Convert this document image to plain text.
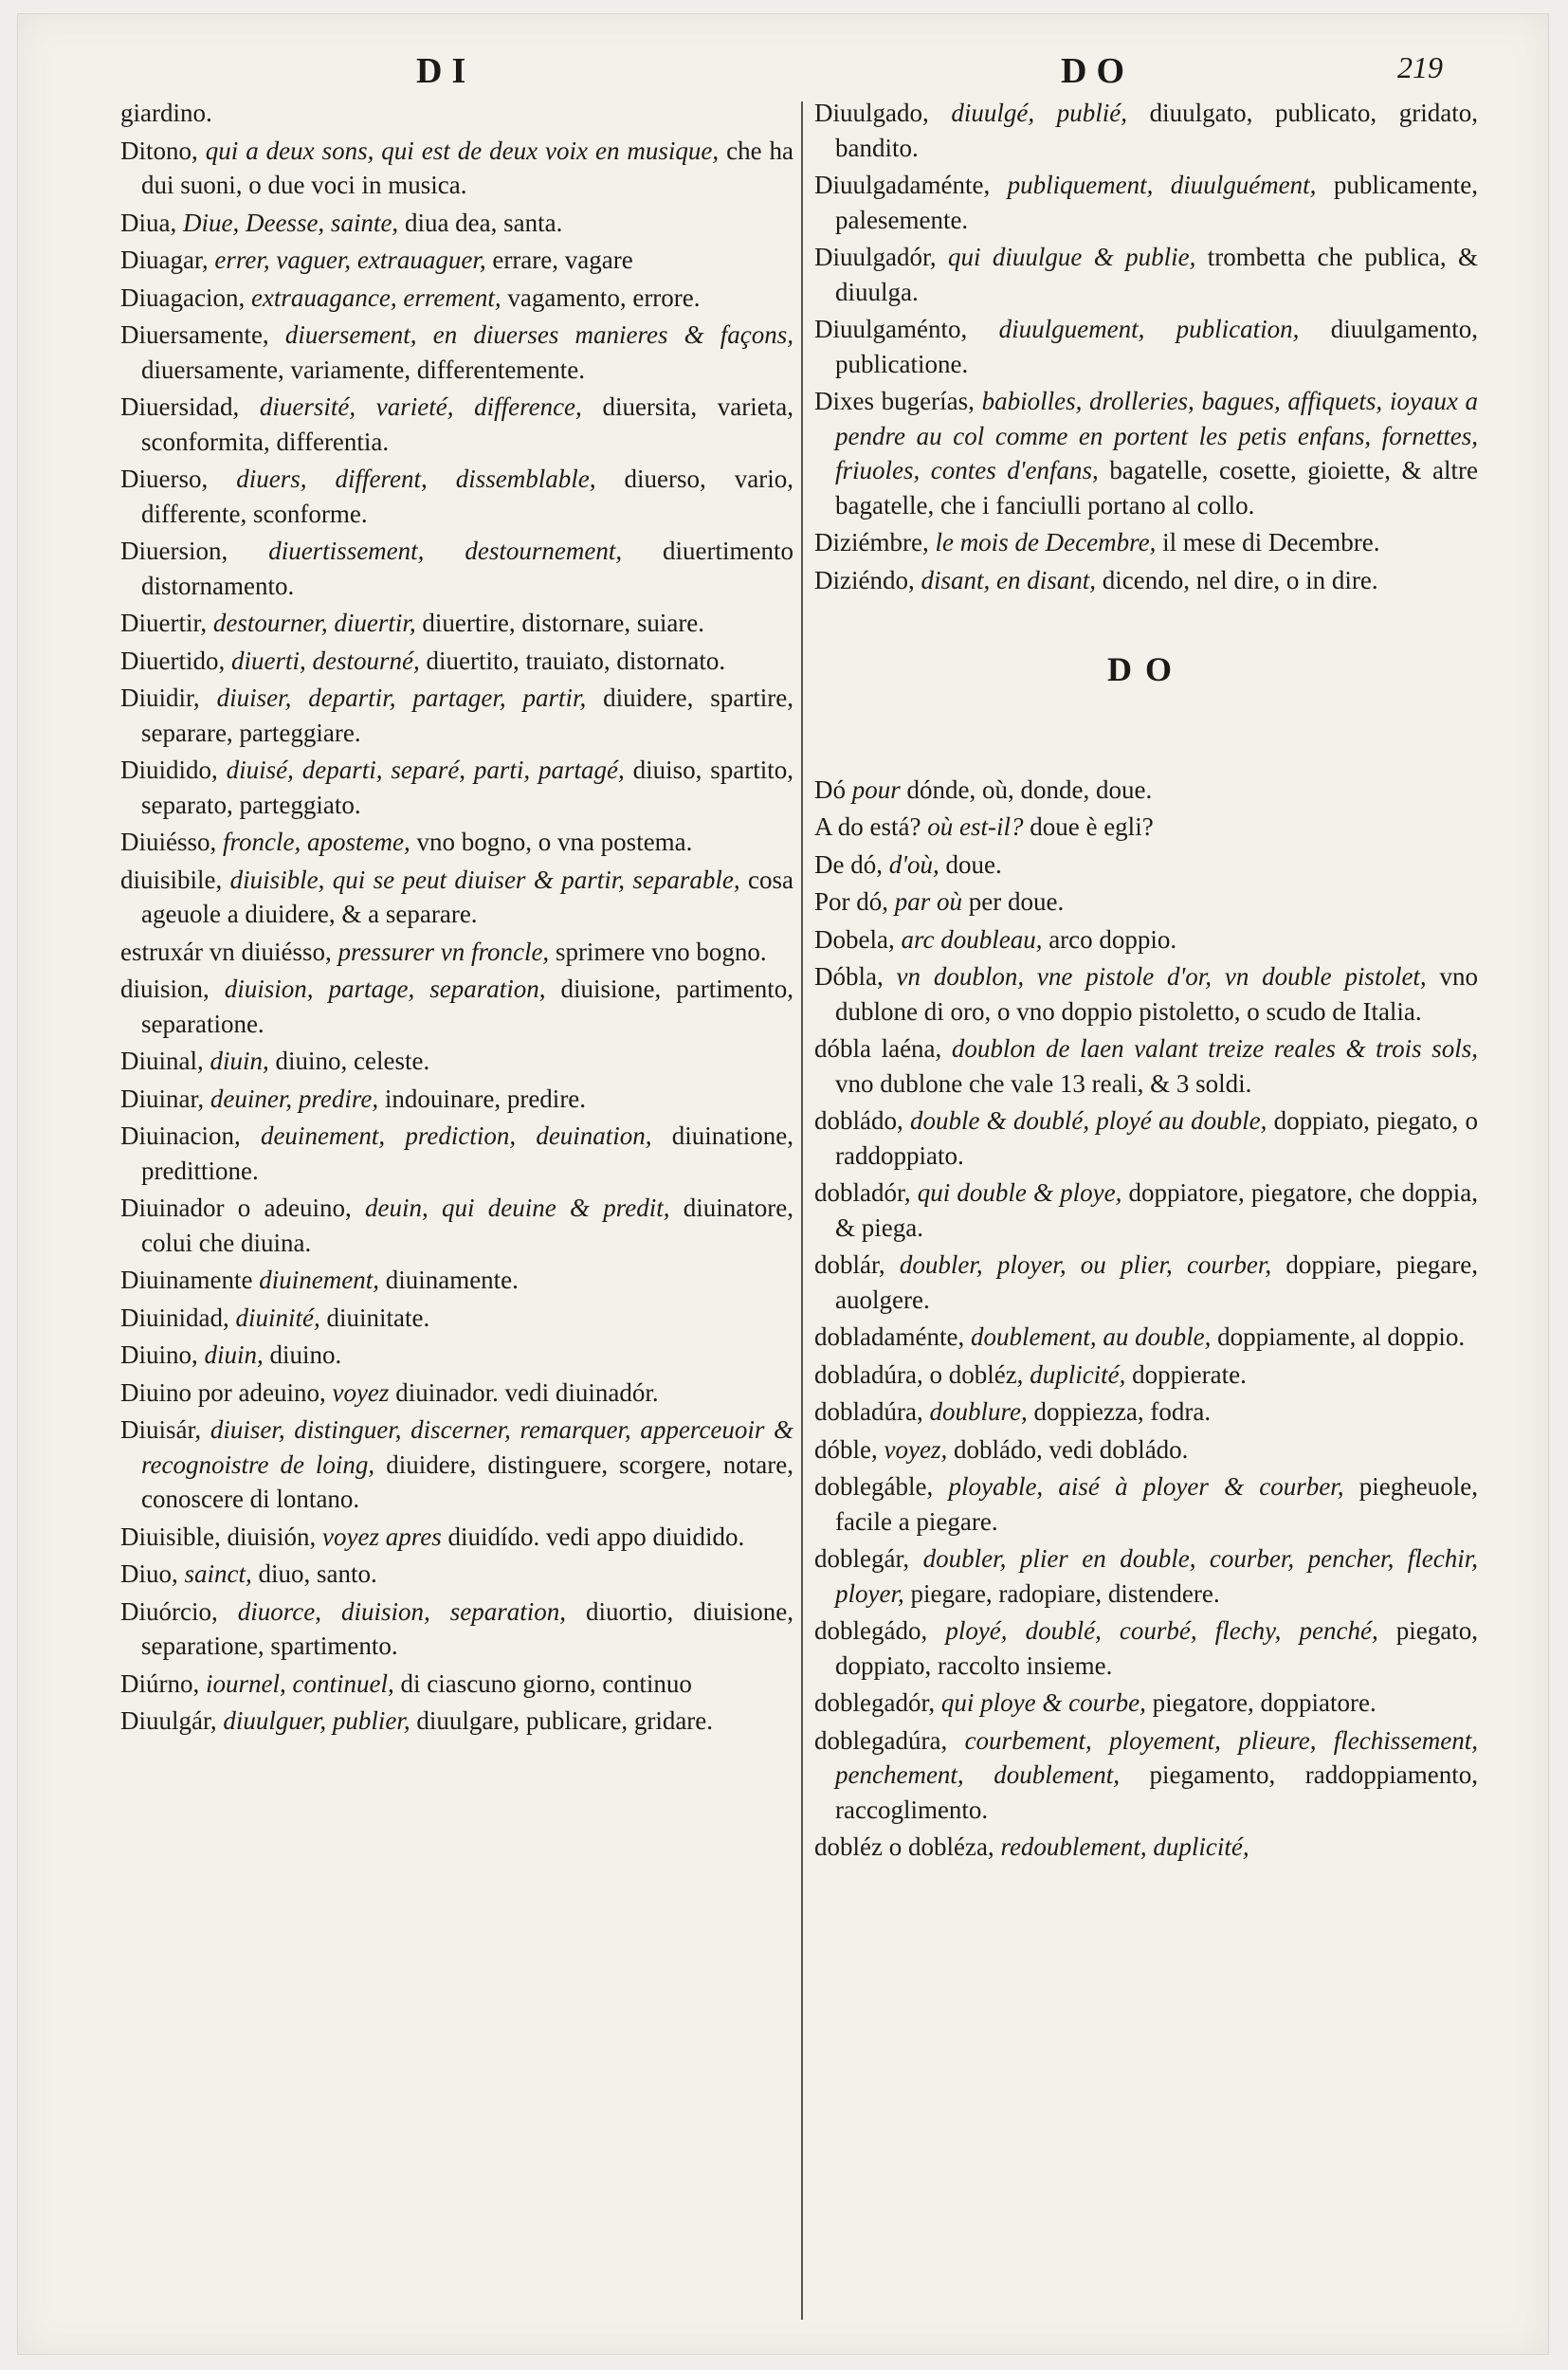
DI	DO	219

giardino.

Ditono, qui a deux sons, qui est de deux voix en musique, che ha dui suoni, o due voci in musica.

Diua, Diue, Deesse, sainte, diua dea, santa.

Diuagar, errer, vaguer, extrauaguer, errare, vagare

Diuagacion, extrauagance, errement, vagamento, errore.

Diuersamente, diuersement, en diuerses manieres & façons, diuersamente, variamente, differentemente.

Diuersidad, diuersité, varieté, difference, diuersita, varieta, sconformita, differentia.

Diuerso, diuers, different, dissemblable, diuerso, vario, differente, sconforme.

Diuersion, diuertissement, destournement, diuertimento distornamento.

Diuertir, destourner, diuertir, diuertire, distornare, suiare.

Diuertido, diuerti, destourné, diuertito, trauiato, distornato.

Diuidir, diuiser, departir, partager, partir, diuidere, spartire, separare, parteggiare.

Diuidido, diuisé, departi, separé, parti, partagé, diuiso, spartito, separato, parteggiato.

Diuiésso, froncle, aposteme, vno bogno, o vna postema.

diuisibile, diuisible, qui se peut diuiser & partir, separable, cosa ageuole a diuidere, & a separare.

estruxár vn diuiésso, pressurer vn froncle, sprimere vno bogno.

diuision, diuision, partage, separation, diuisione, partimento, separatione.

Diuinal, diuin, diuino, celeste.

Diuinar, deuiner, predire, indouinare, predire.

Diuinacion, deuinement, prediction, deuination, diuinatione, predittione.

Diuinador o adeuino, deuin, qui deuine & predit, diuinatore, colui che diuina.

Diuinamente diuinement, diuinamente.

Diuinidad, diuinité, diuinitate.

Diuino, diuin, diuino.

Diuino por adeuino, voyez diuinador. vedi diuinadór.

Diuisár, diuiser, distinguer, discerner, remarquer, apperceuoir & recognoistre de loing, diuidere, distinguere, scorgere, notare, conoscere di lontano.

Diuisible, diuisión, voyez apres diuidído. vedi appo diuidido.

Diuo, sainct, diuo, santo.

Diuórcio, diuorce, diuision, separation, diuortio, diuisione, separatione, spartimento.

Diúrno, iournel, continuel, di ciascuno giorno, continuo

Diuulgár, diuulguer, publier, diuulgare, publicare, gridare.

Diuulgado, diuulgé, publié, diuulgato, publicato, gridato, bandito.

Diuulgadaménte, publiquement, diuulguément, publicamente, palesemente.

Diuulgadór, qui diuulgue & publie, trombetta che publica, & diuulga.

Diuulgaménto, diuulguement, publication, diuulgamento, publicatione.

Dixes bugerías, babiolles, drolleries, bagues, affiquets, ioyaux a pendre au col comme en portent les petis enfans, fornettes, friuoles, contes d'enfans, bagatelle, cosette, gioiette, & altre bagatelle, che i fanciulli portano al collo.

Diziémbre, le mois de Decembre, il mese di Decembre.

Diziéndo, disant, en disant, dicendo, nel dire, o in dire.

DO

Dó pour dónde, où, donde, doue.

A do está? où est-il? doue è egli?

De dó, d'où, doue.

Por dó, par où per doue.

Dobela, arc doubleau, arco doppio.

Dóbla, vn doublon, vne pistole d'or, vn double pistolet, vno dublone di oro, o vno doppio pistoletto, o scudo de Italia.

dóbla laéna, doublon de laen valant treize reales & trois sols, vno dublone che vale 13 reali, & 3 soldi.

dobládo, double & doublé, ployé au double, doppiato, piegato, o raddoppiato.

dobladór, qui double & ploye, doppiatore, piegatore, che doppia, & piega.

doblár, doubler, ployer, ou plier, courber, doppiare, piegare, auolgere.

dobladaménte, doublement, au double, doppiamente, al doppio.

dobladúra, o dobléz, duplicité, doppierate.

dobladúra, doublure, doppiezza, fodra.

dóble, voyez, dobládo, vedi dobládo.

doblegáble, ployable, aisé à ployer & courber, piegheuole, facile a piegare.

doblegár, doubler, plier en double, courber, pencher, flechir, ployer, piegare, radopiare, distendere.

doblegádo, ployé, doublé, courbé, flechy, penché, piegato, doppiato, raccolto insieme.

doblegadór, qui ploye & courbe, piegatore, doppiatore.

doblegadúra, courbement, ployement, plieure, flechissement, penchement, doublement, piegamento, raddoppiamento, raccoglimento.

dobléz o dobléza, redoublement, duplicité,
